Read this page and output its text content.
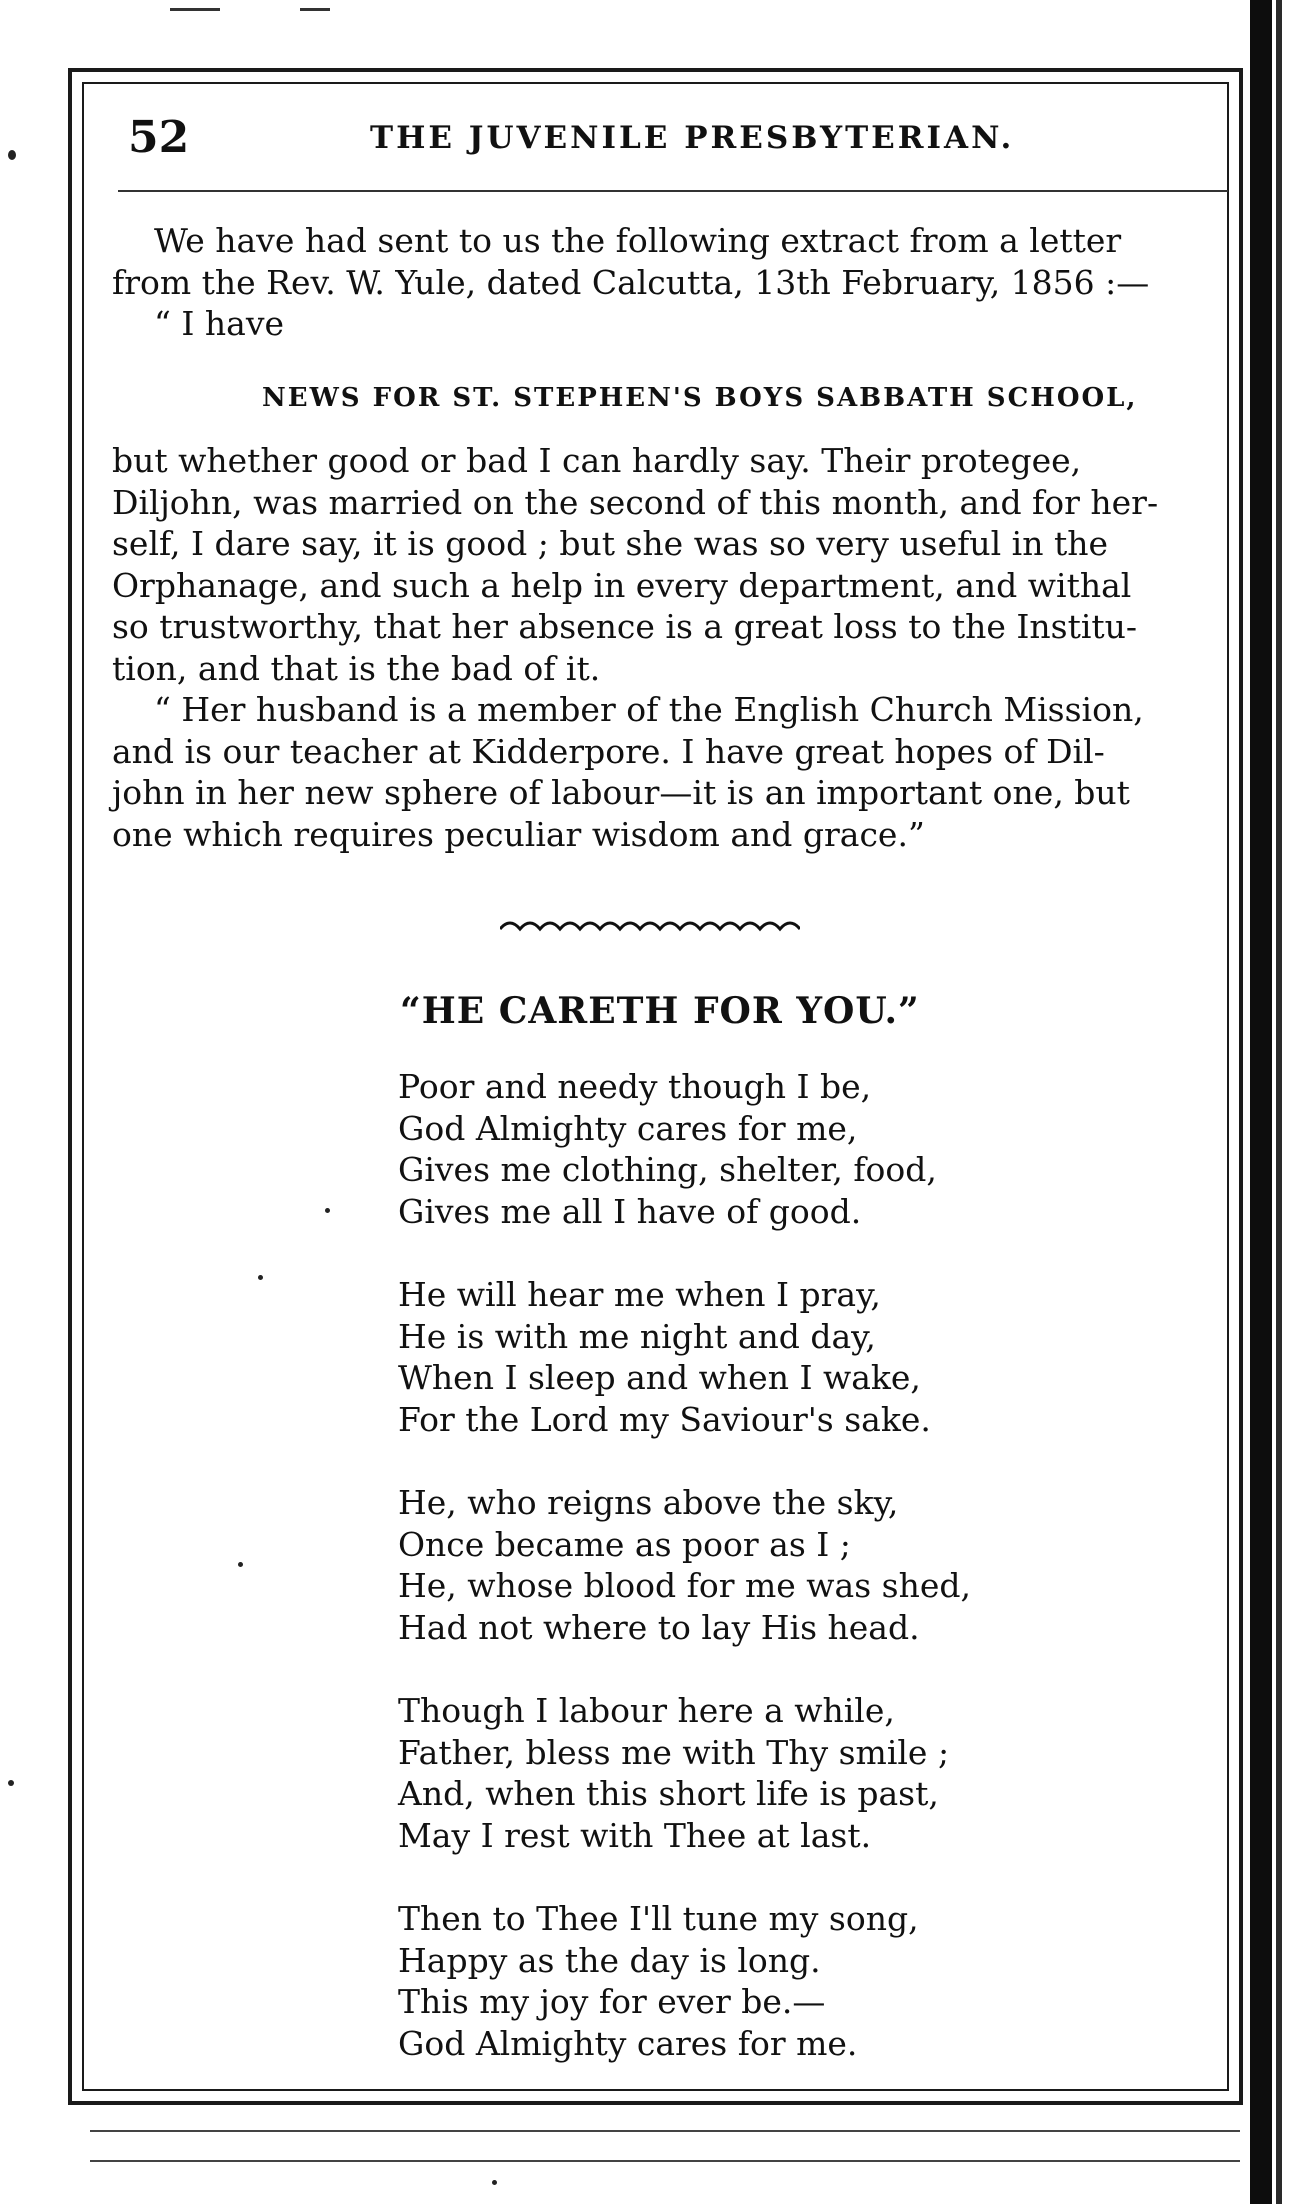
52	THE JUVENILE PRESBYTERIAN.
We have had sent to us the following extract from a letter
from the Rev. W. Yule, dated Calcutta, 13th February, 1856 :—
“ I have
NEWS FOR ST. STEPHEN'S BOYS SABBATH SCHOOL,
but whether good or bad I can hardly say. Their protegee,
Diljohn, was married on the second of this month, and for her-
self, I dare say, it is good ; but she was so very useful in the
Orphanage, and such a help in every department, and withal
so trustworthy, that her absence is a great loss to the Institu-
tion, and that is the bad of it.
“ Her husband is a member of the English Church Mission,
and is our teacher at Kidderpore. I have great hopes of Dil-
john in her new sphere of labour—it is an important one, but
one which requires peculiar wisdom and grace.”
“HE CARETH FOR YOU.”
Poor and needy though I be,
God Almighty cares for me,
Gives me clothing, shelter, food,
Gives me all I have of good.
He will hear me when I pray,
He is with me night and day,
When I sleep and when I wake,
For the Lord my Saviour's sake.
He, who reigns above the sky,
Once became as poor as I ;
He, whose blood for me was shed,
Had not where to lay His head.
Though I labour here a while,
Father, bless me with Thy smile ;
And, when this short life is past,
May I rest with Thee at last.
Then to Thee I'll tune my song,
Happy as the day is long.
This my joy for ever be.—
God Almighty cares for me.
